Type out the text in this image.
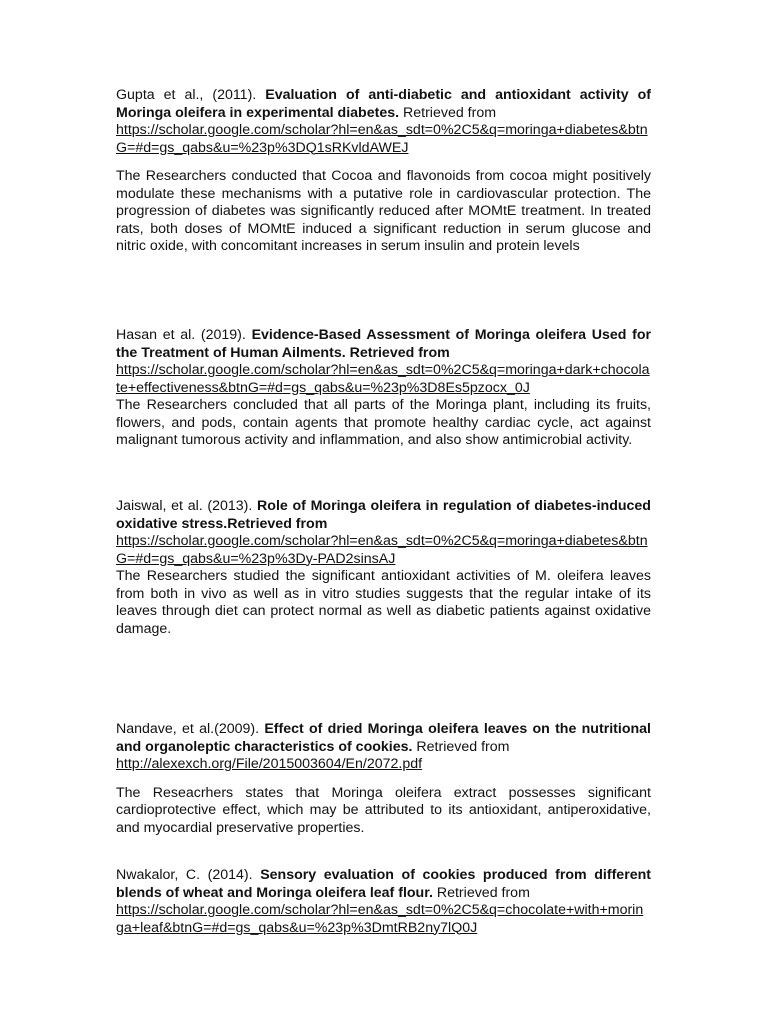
Gupta et al., (2011). Evaluation of anti-diabetic and antioxidant activity of Moringa oleifera in experimental diabetes. Retrieved from
https://scholar.google.com/scholar?hl=en&as_sdt=0%2C5&q=moringa+diabetes&btnG=#d=gs_qabs&u=%23p%3DQ1sRKvldAWEJ

The Researchers conducted that Cocoa and flavonoids from cocoa might positively modulate these mechanisms with a putative role in cardiovascular protection. The progression of diabetes was significantly reduced after MOMtE treatment. In treated rats, both doses of MOMtE induced a significant reduction in serum glucose and nitric oxide, with concomitant increases in serum insulin and protein levels

Hasan et al. (2019). Evidence-Based Assessment of Moringa oleifera Used for the Treatment of Human Ailments. Retrieved from
https://scholar.google.com/scholar?hl=en&as_sdt=0%2C5&q=moringa+dark+chocolate+effectiveness&btnG=#d=gs_qabs&u=%23p%3D8Es5pzocx_0J

The Researchers concluded that all parts of the Moringa plant, including its fruits, flowers, and pods, contain agents that promote healthy cardiac cycle, act against malignant tumorous activity and inflammation, and also show antimicrobial activity.

Jaiswal, et al. (2013). Role of Moringa oleifera in regulation of diabetes-induced oxidative stress.Retrieved from
https://scholar.google.com/scholar?hl=en&as_sdt=0%2C5&q=moringa+diabetes&btnG=#d=gs_qabs&u=%23p%3Dy-PAD2sinsAJ

The Researchers studied the significant antioxidant activities of M. oleifera leaves from both in vivo as well as in vitro studies suggests that the regular intake of its leaves through diet can protect normal as well as diabetic patients against oxidative damage.

Nandave, et al.(2009). Effect of dried Moringa oleifera leaves on the nutritional and organoleptic characteristics of cookies. Retrieved from
http://alexexch.org/File/2015003604/En/2072.pdf

The Reseacrhers states that Moringa oleifera extract possesses significant cardioprotective effect, which may be attributed to its antioxidant, antiperoxidative, and myocardial preservative properties.

Nwakalor, C. (2014). Sensory evaluation of cookies produced from different blends of wheat and Moringa oleifera leaf flour. Retrieved from
https://scholar.google.com/scholar?hl=en&as_sdt=0%2C5&q=chocolate+with+moringa+leaf&btnG=#d=gs_qabs&u=%23p%3DmtRB2ny7lQ0J
